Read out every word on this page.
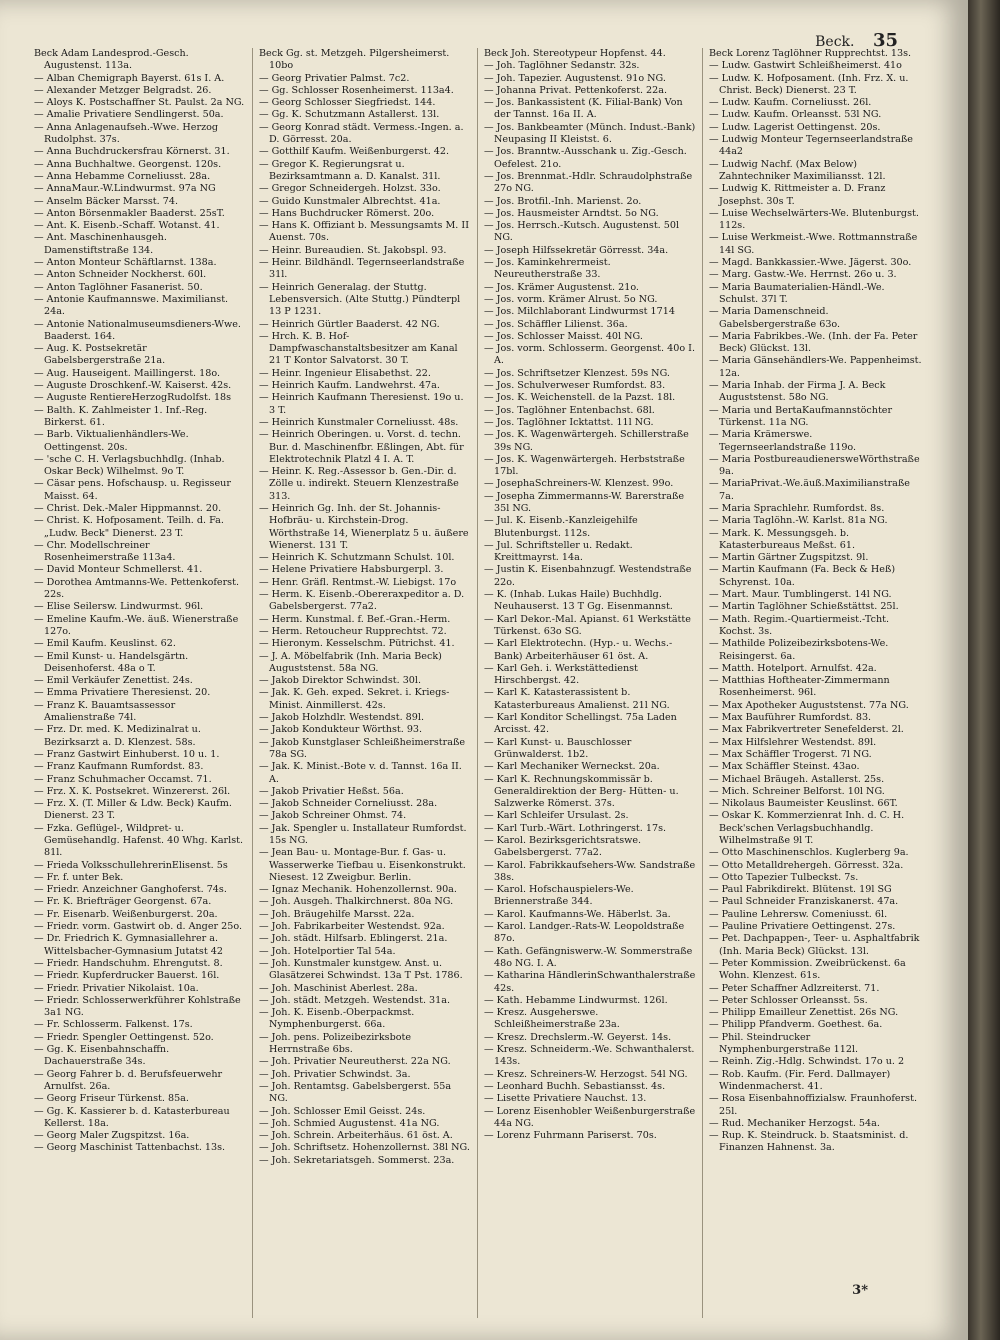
Beck. 35
Beck Adam Landesprod.-Gesch. Augustenst. 113a.
— Alban Chemigraph Bayerst. 61s I. A.
— Alexander Metzger Belgradst. 26.
— Aloys K. Postschaffner St. Paulst. 2a NG.
— Amalie Privatiere Sendlingerst. 50a.
— Anna Anlagenaufseh.-Wwe. Herzog Rudolphst. 37s.
— Anna Buchdruckersfrau Körnerst. 31.
— Anna Buchhaltwe. Georgenst. 120s.
— Anna Hebamme Corneliusst. 28a.
— AnnaMaur.-W.Lindwurmst. 97a NG
— Anselm Bäcker Marsst. 74.
— Anton Börsenmakler Baaderst. 25sT.
— Ant. K. Eisenb.-Schaff. Wotanst. 41.
— Ant. Maschinenhausgeh. Damenstiftstraße 134.
— Anton Monteur Schäftlarnst. 138a.
— Anton Schneider Nockherst. 60l.
— Anton Taglöhner Fasanerist. 50.
— Antonie Kaufmannswe. Maximilianst. 24a.
— Antonie Nationalmuseumsdieners-Wwe. Baaderst. 164.
— Aug. K. Postsekretär Gabelsbergerstraße 21a.
— Aug. Hauseigent. Maillingerst. 18o.
— Auguste Droschkenf.-W. Kaiserst. 42s.
— Auguste RentiereHerzogRudolfst. 18s
— Balth. K. Zahlmeister 1. Inf.-Reg. Birkerst. 61.
— Barb. Viktualienhändlers-We. Oettingenst. 20s.
— 'sche C. H. Verlagsbuchhdlg. (Inhab. Oskar Beck) Wilhelmst. 9o T.
— Cäsar pens. Hofschausp. u. Regisseur Maisst. 64.
— Christ. Dek.-Maler Hippmannst. 20.
— Christ. K. Hofposament. Teilh. d. Fa. „Ludw. Beck" Dienerst. 23 T.
— Chr. Modellschreiner Rosenheimerstraße 113a4.
— David Monteur Schmellerst. 41.
— Dorothea Amtmanns-We. Pettenkoferst. 22s.
— Elise Seilersw. Lindwurmst. 96l.
— Emeline Kaufm.-We. äuß. Wienerstraße 127o.
— Emil Kaufm. Keuslinst. 62.
— Emil Kunst- u. Handelsgärtn. Deisenhoferst. 48a o T.
— Emil Verkäufer Zenettist. 24s.
— Emma Privatiere Theresienst. 20.
— Franz K. Bauamtsassessor Amalienstraße 74l.
— Frz. Dr. med. K. Medizinalrat u. Bezirksarzt a. D. Klenzest. 58s.
— Franz Gastwirt Einhuberst. 10 u. 1.
— Franz Kaufmann Rumfordst. 83.
— Franz Schuhmacher Occamst. 71.
— Frz. X. K. Postsekret. Winzererst. 26l.
— Frz. X. (T. Miller & Ldw. Beck) Kaufm. Dienerst. 23 T.
— Fzka. Geflügel-, Wildpret- u. Gemüsehandlg. Hafenst. 40 Whg. Karlst. 81l.
— Frieda VolksschullehrerinElisenst. 5s
— Fr. f. unter Bek.
— Friedr. Anzeichner Ganghoferst. 74s.
— Fr. K. Briefträger Georgenst. 67a.
— Fr. Eisenarb. Weißenburgerst. 20a.
— Friedr. vorm. Gastwirt ob. d. Anger 25o.
— Dr. Friedrich K. Gymnasiallehrer a. Wittelsbacher-Gymnasium Jutatst 42
— Friedr. Handschuhm. Ehrengutst. 8.
— Friedr. Kupferdrucker Bauerst. 16l.
— Friedr. Privatier Nikolaist. 10a.
— Friedr. Schlosserwerkführer Kohlstraße 3a1 NG.
— Fr. Schlosserm. Falkenst. 17s.
— Friedr. Spengler Oettingenst. 52o.
— Gg. K. Eisenbahnschaffn. Dachauerstraße 34s.
— Georg Fahrer b. d. Berufsfeuerwehr Arnulfst. 26a.
— Georg Friseur Türkenst. 85a.
— Gg. K. Kassierer b. d. Katasterbureau Kellerst. 18a.
— Georg Maler Zugspitzst. 16a.
— Georg Maschinist Tattenbachst. 13s.
Beck Gg. st. Metzgeh. Pilgersheimerst. 10bo
— Georg Privatier Palmst. 7c2.
— Gg. Schlosser Rosenheimerst. 113a4.
— Georg Schlosser Siegfriedst. 144.
— Gg. K. Schutzmann Astallerst. 13l.
— Georg Konrad städt. Vermess.-Ingen. a. D. Görresst. 20a.
— Gotthilf Kaufm. Weißenburgerst. 42.
— Gregor K. Regierungsrat u. Bezirksamtmann a. D. Kanalst. 31l.
— Gregor Schneidergeh. Holzst. 33o.
— Guido Kunstmaler Albrechtst. 41a.
— Hans Buchdrucker Römerst. 20o.
— Hans K. Offiziant b. Messungsamts M. II Auenst. 70s.
— Heinr. Bureaudien. St. Jakobspl. 93.
— Heinr. Bildhändl. Tegernseerlandstraße 31l.
— Heinrich Generalag. der Stuttg. Lebensversich. (Alte Stuttg.) Pündterpl 13 P 1231.
— Heinrich Gürtler Baaderst. 42 NG.
— Hrch. K. B. Hof-Dampfwaschanstaltsbesitzer am Kanal 21 T Kontor Salvatorst. 30 T.
— Heinr. Ingenieur Elisabethst. 22.
— Heinrich Kaufm. Landwehrst. 47a.
— Heinrich Kaufmann Theresienst. 19o u. 3 T.
— Heinrich Kunstmaler Corneliusst. 48s.
— Heinrich Oberingen. u. Vorst. d. techn. Bur. d. Maschinenfbr. Eßlingen, Abt. für Elektrotechnik Platzl 4 I. A. T.
— Heinr. K. Reg.-Assessor b. Gen.-Dir. d. Zölle u. indirekt. Steuern Klenzestraße 313.
— Heinrich Gg. Inh. der St. Johannis-Hofbräu- u. Kirchstein-Drog. Wörthstraße 14, Wienerplatz 5 u. äußere Wienerst. 131 T.
— Heinrich K. Schutzmann Schulst. 10l.
— Helene Privatiere Habsburgerpl. 3.
— Henr. Gräfl. Rentmst.-W. Liebigst. 17o
— Herm. K. Eisenb.-Obereraxpeditor a. D. Gabelsbergerst. 77a2.
— Herm. Kunstmal. f. Bef.-Gran.-Herm.
— Herm. Retoucheur Rupprechtst. 72.
— Hieronym. Kesselschm. Pütrichst. 41.
— J. A. Möbelfabrik (Inh. Maria Beck) Auguststenst. 58a NG.
— Jakob Direktor Schwindst. 30l.
— Jak. K. Geh. exped. Sekret. i. Kriegs-Minist. Ainmillerst. 42s.
— Jakob Holzhdlr. Westendst. 89l.
— Jakob Kondukteur Wörthst. 93.
— Jakob Kunstglaser Schleißheimerstraße 78a SG.
— Jak. K. Minist.-Bote v. d. Tannst. 16a II. A.
— Jakob Privatier Heßst. 56a.
— Jakob Schneider Corneliusst. 28a.
— Jakob Schreiner Ohmst. 74.
— Jak. Spengler u. Installateur Rumfordst. 15s NG.
— Jean Bau- u. Montage-Bur. f. Gas- u. Wasserwerke Tiefbau u. Eisenkonstrukt. Niesest. 12 Zweigbur. Berlin.
— Ignaz Mechanik. Hohenzollernst. 90a.
— Joh. Ausgeh. Thalkirchnerst. 80a NG.
— Joh. Bräugehilfe Marsst. 22a.
— Joh. Fabrikarbeiter Westendst. 92a.
— Joh. städt. Hilfsarb. Eblingerst. 21a.
— Joh. Hotelportier Tal 54a.
— Joh. Kunstmaler kunstgew. Anst. u. Glasätzerei Schwindst. 13a T Pst. 1786.
— Joh. Maschinist Aberlest. 28a.
— Joh. städt. Metzgeh. Westendst. 31a.
— Joh. K. Eisenb.-Oberpackmst. Nymphenburgerst. 66a.
— Joh. pens. Polizeibezirksbote Herrnstraße 6bs.
— Joh. Privatier Neureutherst. 22a NG.
— Joh. Privatier Schwindst. 3a.
— Joh. Rentamtsg. Gabelsbergerst. 55a NG.
— Joh. Schlosser Emil Geisst. 24s.
— Joh. Schmied Augustenst. 41a NG.
— Joh. Schrein. Arbeiterhäus. 61 öst. A.
— Joh. Schriftsetz. Hohenzollernst. 38l NG.
— Joh. Sekretariatsgeh. Sommerst. 23a.
Beck Joh. Stereotypeur Hopfenst. 44.
— Joh. Taglöhner Sedanstr. 32s.
— Joh. Tapezier. Augustenst. 91o NG.
— Johanna Privat. Pettenkoferst. 22a.
— Jos. Bankassistent (K. Filial-Bank) Von der Tannst. 16a II. A.
— Jos. Bankbeamter (Münch. Indust.-Bank) Neupasing II Kleistst. 6.
— Jos. Branntw.-Ausschank u. Zig.-Gesch. Oefelest. 21o.
— Jos. Brennmat.-Hdlr. Schraudolphstraße 27o NG.
— Jos. Brotfil.-Inh. Marienst. 2o.
— Jos. Hausmeister Arndtst. 5o NG.
— Jos. Herrsch.-Kutsch. Augustenst. 50l NG.
— Joseph Hilfssekretär Görresst. 34a.
— Jos. Kaminkehrermeist. Neureutherstraße 33.
— Jos. Krämer Augustenst. 21o.
— Jos. vorm. Krämer Alrust. 5o NG.
— Jos. Milchlaborant Lindwurmst 1714
— Jos. Schäffler Lilienst. 36a.
— Jos. Schlosser Maisst. 40l NG.
— Jos. vorm. Schlosserm. Georgenst. 40o I. A.
— Jos. Schriftsetzer Klenzest. 59s NG.
— Jos. Schulverweser Rumfordst. 83.
— Jos. K. Weichenstell. de la Pazst. 18l.
— Jos. Taglöhner Entenbachst. 68l.
— Jos. Taglöhner Icktattst. 11l NG.
— Jos. K. Wagenwärtergeh. Schillerstraße 39s NG.
— Jos. K. Wagenwärtergeh. Herbststraße 17bl.
— JosephaSchreiners-W. Klenzest. 99o.
— Josepha Zimmermanns-W. Barerstraße 35l NG.
— Jul. K. Eisenb.-Kanzleigehilfe Blutenburgst. 112s.
— Jul. Schriftsteller u. Redakt. Kreittmayrst. 14a.
— Justin K. Eisenbahnzugf. Westendstraße 22o.
— K. (Inhab. Lukas Haile) Buchhdlg. Neuhauserst. 13 T Gg. Eisenmannst.
— Karl Dekor.-Mal. Apianst. 61 Werkstätte Türkenst. 63o SG.
— Karl Elektrotechn. (Hyp.- u. Wechs.-Bank) Arbeiterhäuser 61 öst. A.
— Karl Geh. i. Werkstättedienst Hirschbergst. 42.
— Karl K. Katasterassistent b. Katasterbureaus Amalienst. 21l NG.
— Karl Konditor Schellingst. 75a Laden Arcisst. 42.
— Karl Kunst- u. Bauschlosser Grünwalderst. 1b2.
— Karl Mechaniker Werneckst. 20a.
— Karl K. Rechnungskommissär b. Generaldirektion der Berg- Hütten- u. Salzwerke Römerst. 37s.
— Karl Schleifer Ursulast. 2s.
— Karl Turb.-Wärt. Lothringerst. 17s.
— Karol. Bezirksgerichtsratswe. Gabelsbergerst. 77a2.
— Karol. Fabrikkaufsehers-Ww. Sandstraße 38s.
— Karol. Hofschauspielers-We. Briennerstraße 344.
— Karol. Kaufmanns-We. Häberlst. 3a.
— Karol. Landger.-Rats-W. Leopoldstraße 87o.
— Kath. Gefängniswerw.-W. Sommerstraße 48o NG. I. A.
— Katharina HändlerinSchwanthalerstraße 42s.
— Kath. Hebamme Lindwurmst. 126l.
— Kresz. Ausgeherswe. Schleißheimerstraße 23a.
— Kresz. Drechslerm.-W. Geyerst. 14s.
— Kresz. Schneiderm.-We. Schwanthalerst. 143s.
— Kresz. Schreiners-W. Herzogst. 54l NG.
— Leonhard Buchh. Sebastiansst. 4s.
— Lisette Privatiere Nauchst. 13.
— Lorenz Eisenhobler Weißenburgerstraße 44a NG.
— Lorenz Fuhrmann Pariserst. 70s.
Beck Lorenz Taglöhner Rupprechtst. 13s.
— Ludw. Gastwirt Schleißheimerst. 41o
— Ludw. K. Hofposament. (Inh. Frz. X. u. Christ. Beck) Dienerst. 23 T.
— Ludw. Kaufm. Corneliusst. 26l.
— Ludw. Kaufm. Orleansst. 53l NG.
— Ludw. Lagerist Oettingenst. 20s.
— Ludwig Monteur Tegernseerlandstraße 44a2
— Ludwig Nachf. (Max Below) Zahntechniker Maximiliansst. 12l.
— Ludwig K. Rittmeister a. D. Franz Josephst. 30s T.
— Luise Wechselwärters-We. Blutenburgst. 112s.
— Luise Werkmeist.-Wwe. Rottmannstraße 14l SG.
— Magd. Bankkassier.-Wwe. Jägerst. 30o.
— Marg. Gastw.-We. Herrnst. 26o u. 3.
— Maria Baumaterialien-Händl.-We. Schulst. 37l T.
— Maria Damenschneid. Gabelsbergerstraße 63o.
— Maria Fabrikbes.-We. (Inh. der Fa. Peter Beck) Glückst. 13l.
— Maria Gänsehändlers-We. Pappenheimst. 12a.
— Maria Inhab. der Firma J. A. Beck Auguststenst. 58o NG.
— Maria und BertaKaufmannstöchter Türkenst. 11a NG.
— Maria Krämerswe. Tegernseerlandstraße 119o.
— Maria PostbureaudienersweWörthstraße 9a.
— MariaPrivat.-We.äuß.Maximilianstraße 7a.
— Maria Sprachlehr. Rumfordst. 8s.
— Maria Taglöhn.-W. Karlst. 81a NG.
— Mark. K. Messungsgeh. b. Katasterbureaus Meßst. 61.
— Martin Gärtner Zugspitzst. 9l.
— Martin Kaufmann (Fa. Beck & Heß) Schyrenst. 10a.
— Mart. Maur. Tumblingerst. 14l NG.
— Martin Taglöhner Schießstättst. 25l.
— Math. Regim.-Quartiermeist.-Tcht. Kochst. 3s.
— Mathilde Polizeibezirksbotens-We. Reisingerst. 6a.
— Matth. Hotelport. Arnulfst. 42a.
— Matthias Hoftheater-Zimmermann Rosenheimerst. 96l.
— Max Apotheker Auguststenst. 77a NG.
— Max Bauführer Rumfordst. 83.
— Max Fabrikvertreter Senefelderst. 2l.
— Max Hilfslehrer Westendst. 89l.
— Max Schäffler Trogerst. 7l NG.
— Max Schäffler Steinst. 43ao.
— Michael Bräugeh. Astallerst. 25s.
— Mich. Schreiner Belforst. 10l NG.
— Nikolaus Baumeister Keuslinst. 66T.
— Oskar K. Kommerzienrat Inh. d. C. H. Beck'schen Verlagsbuchhandlg. Wilhelmstraße 9l T.
— Otto Maschinenschlos. Kuglerberg 9a.
— Otto Metalldrehergeh. Görresst. 32a.
— Otto Tapezier Tulbeckst. 7s.
— Paul Fabrikdirekt. Blütenst. 19l SG
— Paul Schneider Franziskanerst. 47a.
— Pauline Lehrersw. Comeniusst. 6l.
— Pauline Privatiere Oettingenst. 27s.
— Pet. Dachpappen-, Teer- u. Asphaltfabrik (Inh. Maria Beck) Glückst. 13l.
— Peter Kommission. Zweibrückenst. 6a Wohn. Klenzest. 61s.
— Peter Schaffner Adlzreiterst. 71.
— Peter Schlosser Orleansst. 5s.
— Philipp Emailleur Zenettist. 26s NG.
— Philipp Pfandverm. Goethest. 6a.
— Phil. Steindrucker Nymphenburgerstraße 112l.
— Reinh. Zig.-Hdlg. Schwindst. 17o u. 2
— Rob. Kaufm. (Fir. Ferd. Dallmayer) Windenmacherst. 41.
— Rosa Eisenbahnoffizialsw. Fraunhoferst. 25l.
— Rud. Mechaniker Herzogst. 54a.
— Rup. K. Steindruck. b. Staatsminist. d. Finanzen Hahnenst. 3a.
3*
